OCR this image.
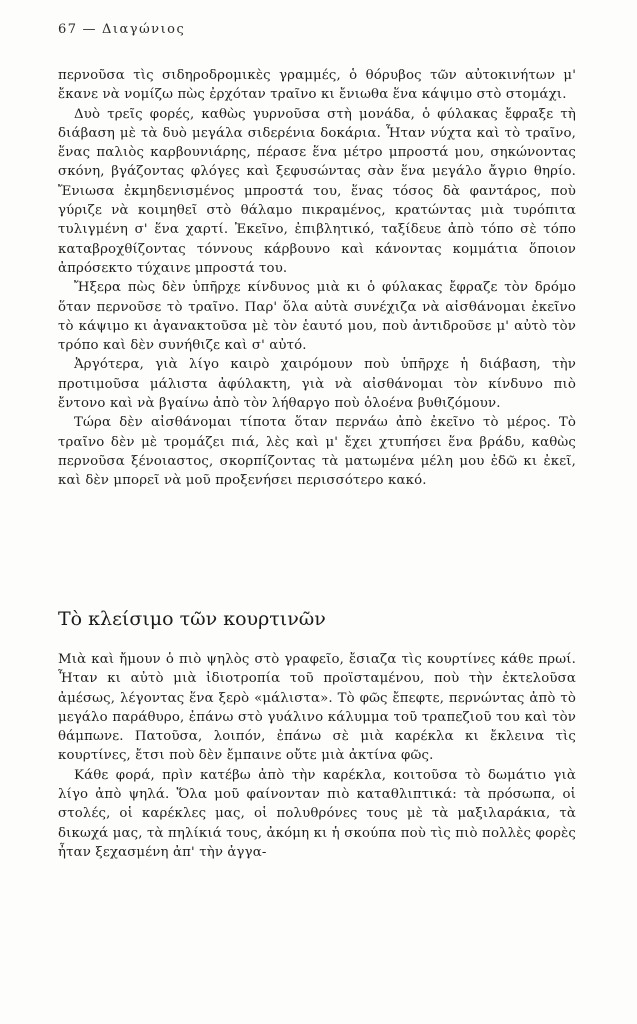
67 — Διαγώνιος

περνοῦσα τὶς σιδηροδρομικὲς γραμμές, ὁ θόρυβος τῶν αὐτοκινήτων μ' ἔκανε νὰ νομίζω πὼς ἐρχόταν τραῖνο κι ἔνιωθα ἕνα κάψιμο στὸ στομάχι.

Δυὸ τρεῖς φορές, καθὼς γυρνοῦσα στὴ μονάδα, ὁ φύλακας ἔφραξε τὴ διάβαση μὲ τὰ δυὸ μεγάλα σιδερένια δοκάρια. Ἦταν νύχτα καὶ τὸ τραῖνο, ἕνας παλιὸς καρβουνιάρης, πέρασε ἕνα μέτρο μπροστά μου, σηκώνοντας σκόνη, βγάζοντας φλόγες καὶ ξεφυσώντας σὰν ἕνα μεγάλο ἄγριο θηρίο. Ἔνιωσα ἐκμηδενισμένος μπροστά του, ἕνας τόσος δὰ φαντάρος, ποὺ γύριζε νὰ κοιμηθεῖ στὸ θάλαμο πικραμένος, κρατώντας μιὰ τυρόπιτα τυλιγμένη σ' ἕνα χαρτί. Ἐκεῖνο, ἐπιβλητικό, ταξίδευε ἀπὸ τόπο σὲ τόπο καταβροχθίζοντας τόννους κάρβουνο καὶ κάνοντας κομμάτια ὅποιον ἀπρόσεκτο τύχαινε μπροστά του.

Ἤξερα πὼς δὲν ὑπῆρχε κίνδυνος μιὰ κι ὁ φύλακας ἔφραζε τὸν δρόμο ὅταν περνοῦσε τὸ τραῖνο. Παρ' ὅλα αὐτὰ συνέχιζα νὰ αἰσθάνομαι ἐκεῖνο τὸ κάψιμο κι ἀγανακτοῦσα μὲ τὸν ἑαυτό μου, ποὺ ἀντιδροῦσε μ' αὐτὸ τὸν τρόπο καὶ δὲν συνήθιζε καὶ σ' αὐτό.

Ἀργότερα, γιὰ λίγο καιρὸ χαιρόμουν ποὺ ὑπῆρχε ἡ διάβαση, τὴν προτιμοῦσα μάλιστα ἀφύλακτη, γιὰ νὰ αἰσθάνομαι τὸν κίνδυνο πιὸ ἔντονο καὶ νὰ βγαίνω ἀπὸ τὸν λήθαργο ποὺ ὁλοένα βυθιζόμουν.

Τώρα δὲν αἰσθάνομαι τίποτα ὅταν περνάω ἀπὸ ἐκεῖνο τὸ μέρος. Τὸ τραῖνο δὲν μὲ τρομάζει πιά, λὲς καὶ μ' ἔχει χτυπήσει ἕνα βράδυ, καθὼς περνοῦσα ξένοιαστος, σκορπίζοντας τὰ ματωμένα μέλη μου ἐδῶ κι ἐκεῖ, καὶ δὲν μπορεῖ νὰ μοῦ προξενήσει περισσότερο κακό.

Τὸ κλείσιμο τῶν κουρτινῶν

Μιὰ καὶ ἤμουν ὁ πιὸ ψηλὸς στὸ γραφεῖο, ἔσιαζα τὶς κουρτίνες κάθε πρωί. Ἦταν κι αὐτὸ μιὰ ἰδιοτροπία τοῦ προϊσταμένου, ποὺ τὴν ἐκτελοῦσα ἀμέσως, λέγοντας ἕνα ξερὸ «μάλιστα». Τὸ φῶς ἔπεφτε, περνώντας ἀπὸ τὸ μεγάλο παράθυρο, ἐπάνω στὸ γυάλινο κάλυμμα τοῦ τραπεζιοῦ του καὶ τὸν θάμπωνε. Πατοῦσα, λοιπόν, ἐπάνω σὲ μιὰ καρέκλα κι ἔκλεινα τὶς κουρτίνες, ἔτσι ποὺ δὲν ἔμπαινε οὔτε μιὰ ἀκτίνα φῶς.

Κάθε φορά, πρὶν κατέβω ἀπὸ τὴν καρέκλα, κοιτοῦσα τὸ δωμάτιο γιὰ λίγο ἀπὸ ψηλά. Ὅλα μοῦ φαίνονταν πιὸ καταθλιπτικά: τὰ πρόσωπα, οἱ στολές, οἱ καρέκλες μας, οἱ πολυθρόνες τους μὲ τὰ μαξιλαράκια, τὰ δικωχά μας, τὰ πηλίκιά τους, ἀκόμη κι ἡ σκούπα ποὺ τὶς πιὸ πολλὲς φορὲς ἦταν ξεχασμένη ἀπ' τὴν ἀγγα-
